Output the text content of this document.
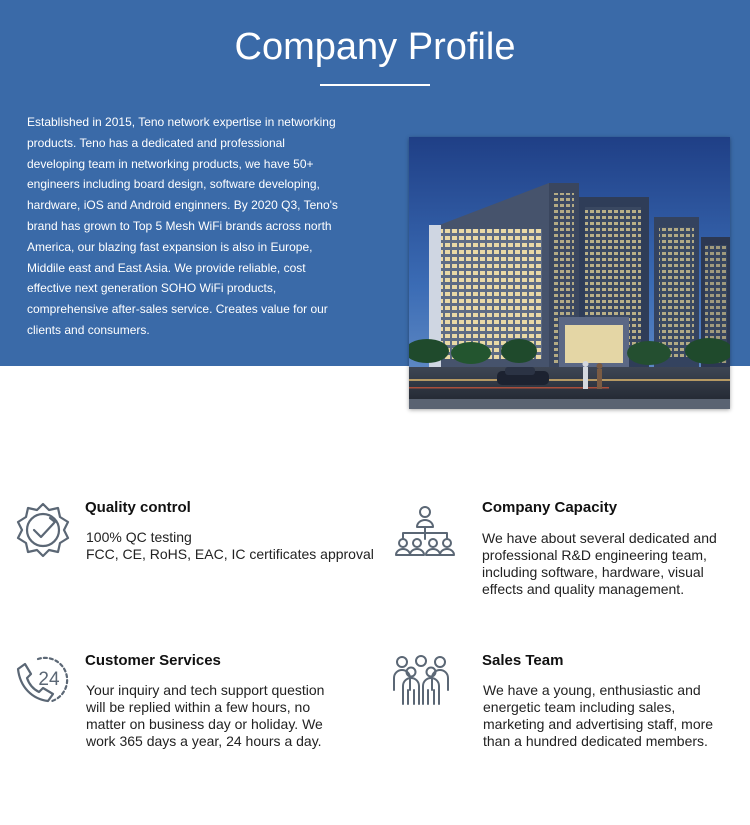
Company Profile

Established in 2015, Teno network expertise in networking
products. Teno has a dedicated and professional
developing team in networking products, we have 50+
engineers including board design, software developing,
hardware, iOS and Android enginners. By 2020 Q3, Teno's
brand has grown to Top 5 Mesh WiFi brands across north
America, our blazing fast expansion is also in Europe,
Middile east and East Asia. We provide reliable, cost
effective next generation SOHO WiFi products,
comprehensive after-sales service. Creates value for our
clients and consumers.

Quality control

100% QC testing
FCC, CE, RoHS, EAC, IC certificates approval

Company Capacity

We have about several dedicated and
professional R&D engineering team,
including software, hardware, visual
effects and quality management.

24
Customer Services

Your inquiry and tech support question
will be replied within a few hours, no
matter on business day or holiday. We
work 365 days a year, 24 hours a day.

Sales Team

We have a young, enthusiastic and
energetic team including sales,
marketing and advertising staff, more
than a hundred dedicated members.
